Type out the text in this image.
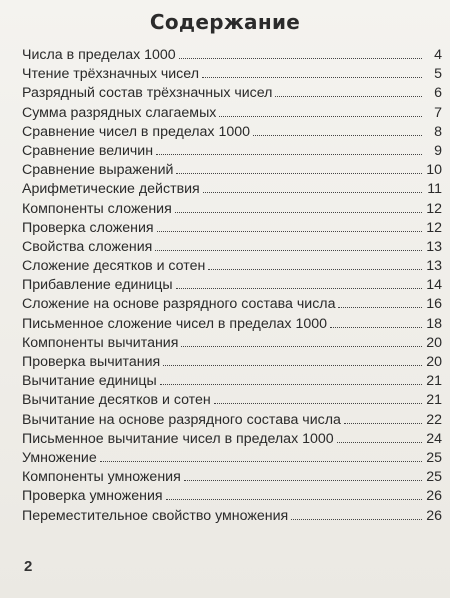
Содержание
Числа в пределах 1000	4
Чтение трёхзначных чисел	5
Разрядный состав трёхзначных чисел	6
Сумма разрядных слагаемых	7
Сравнение чисел в пределах 1000	8
Сравнение величин	9
Сравнение выражений	10
Арифметические действия	11
Компоненты сложения	12
Проверка сложения	12
Свойства сложения	13
Сложение десятков и сотен	13
Прибавление единицы	14
Сложение на основе разрядного состава числа	16
Письменное сложение чисел в пределах 1000	18
Компоненты вычитания	20
Проверка вычитания	20
Вычитание единицы	21
Вычитание десятков и сотен	21
Вычитание на основе разрядного состава числа	22
Письменное вычитание чисел в пределах 1000	24
Умножение	25
Компоненты умножения	25
Проверка умножения	26
Переместительное свойство умножения	26
2
